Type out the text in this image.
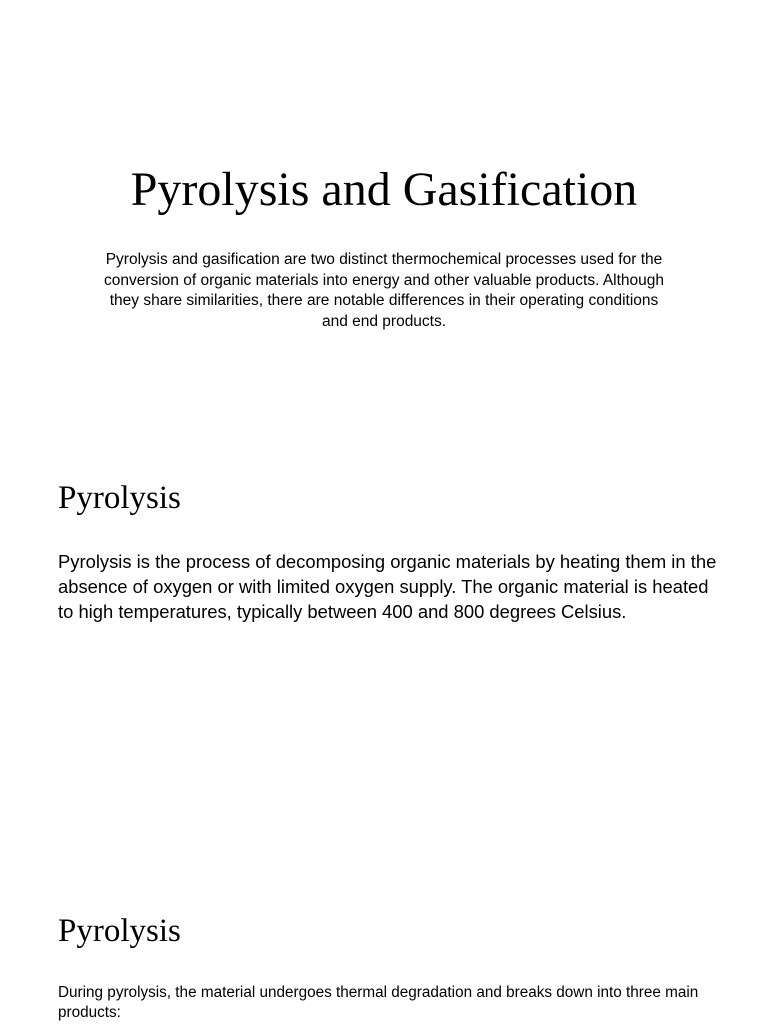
Pyrolysis and Gasification

Pyrolysis and gasification are two distinct thermochemical processes used for the conversion of organic materials into energy and other valuable products. Although they share similarities, there are notable differences in their operating conditions and end products.

Pyrolysis

Pyrolysis is the process of decomposing organic materials by heating them in the absence of oxygen or with limited oxygen supply. The organic material is heated to high temperatures, typically between 400 and 800 degrees Celsius.

Pyrolysis

During pyrolysis, the material undergoes thermal degradation and breaks down into three main products:
